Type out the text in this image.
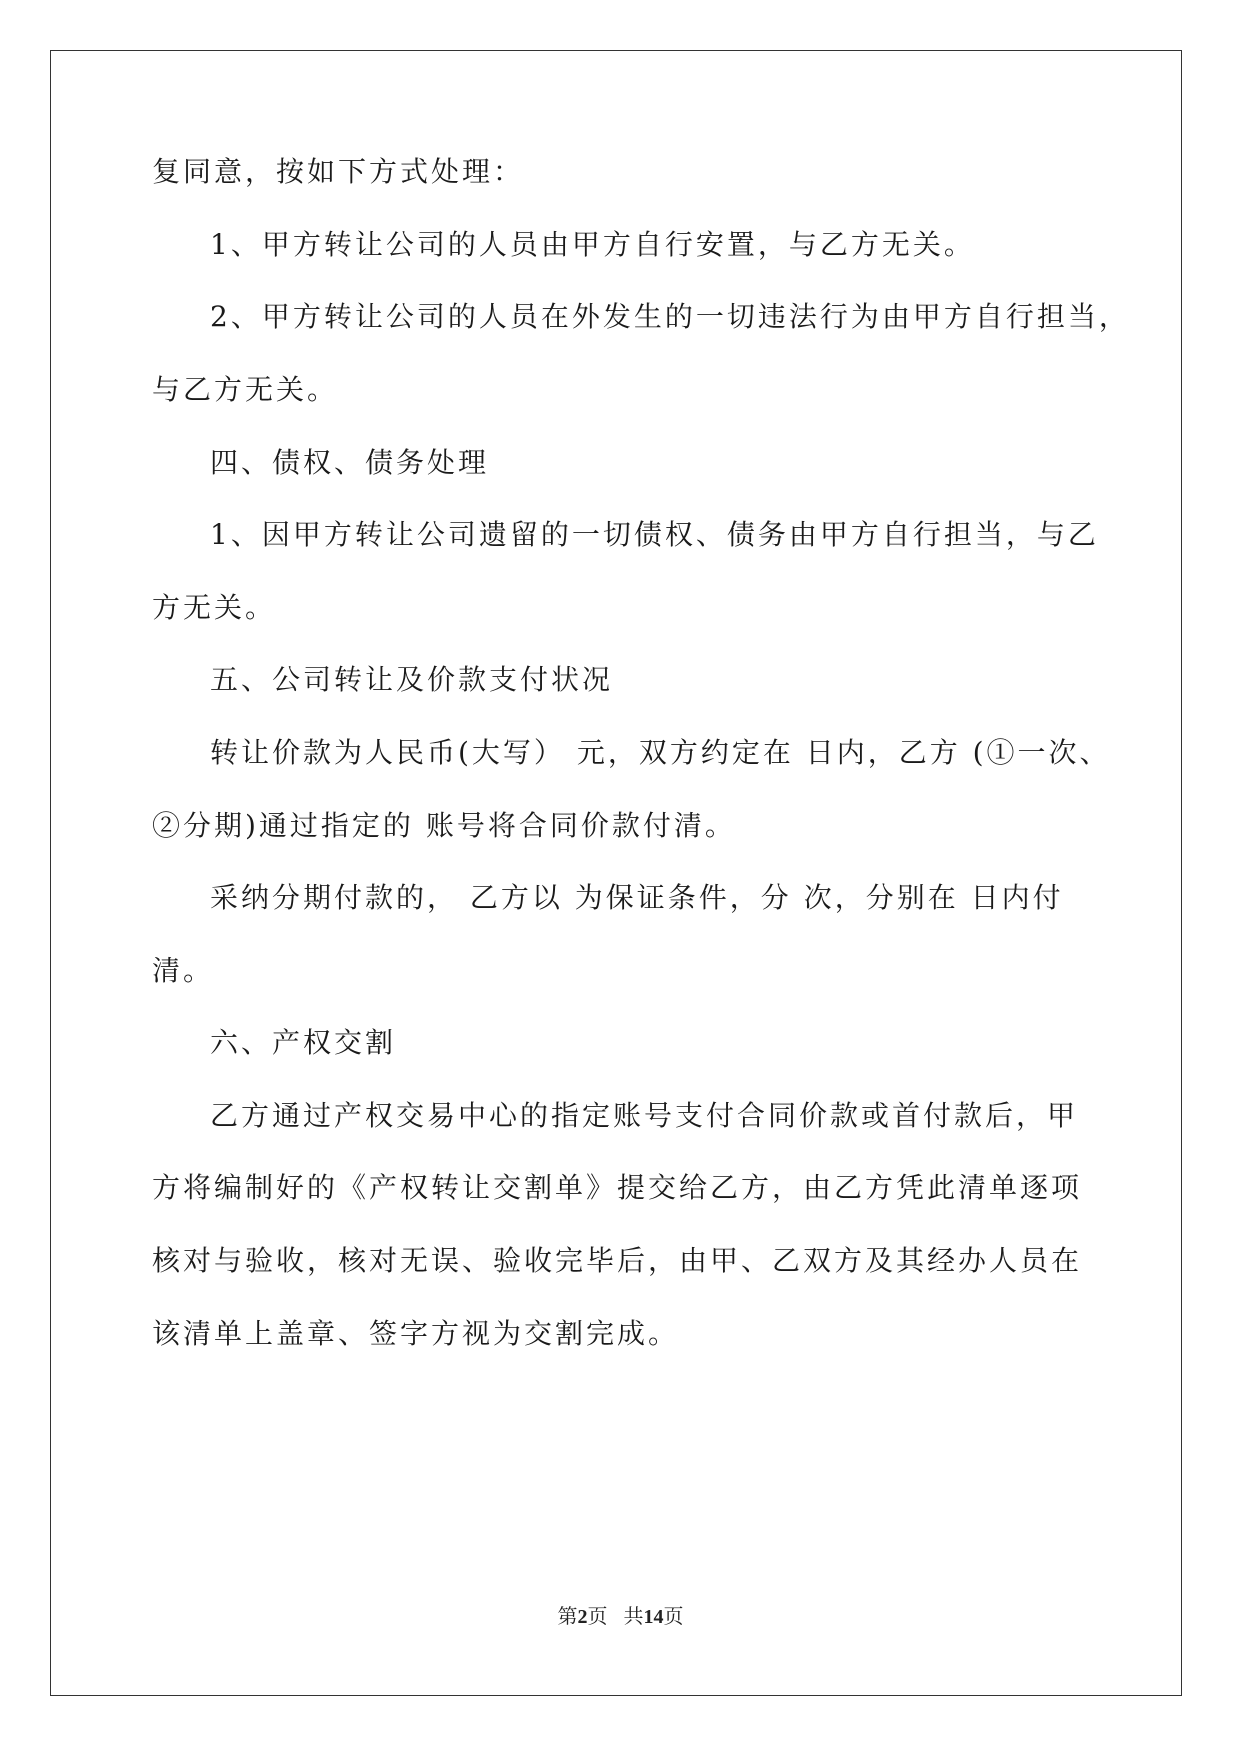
复同意，按如下方式处理：
1、甲方转让公司的人员由甲方自行安置，与乙方无关。
2、甲方转让公司的人员在外发生的一切违法行为由甲方自行担当，
与乙方无关。
四、债权、债务处理
1、因甲方转让公司遗留的一切债权、债务由甲方自行担当，与乙
方无关。
五、公司转让及价款支付状况
转让价款为人民币(大写） 元，双方约定在 日内，乙方 (①一次、
②分期)通过指定的 账号将合同价款付清。
采纳分期付款的， 乙方以 为保证条件，分 次，分别在 日内付
清。
六、产权交割
乙方通过产权交易中心的指定账号支付合同价款或首付款后，甲
方将编制好的《产权转让交割单》提交给乙方，由乙方凭此清单逐项
核对与验收，核对无误、验收完毕后，由甲、乙双方及其经办人员在
该清单上盖章、签字方视为交割完成。
第2页 共14页
